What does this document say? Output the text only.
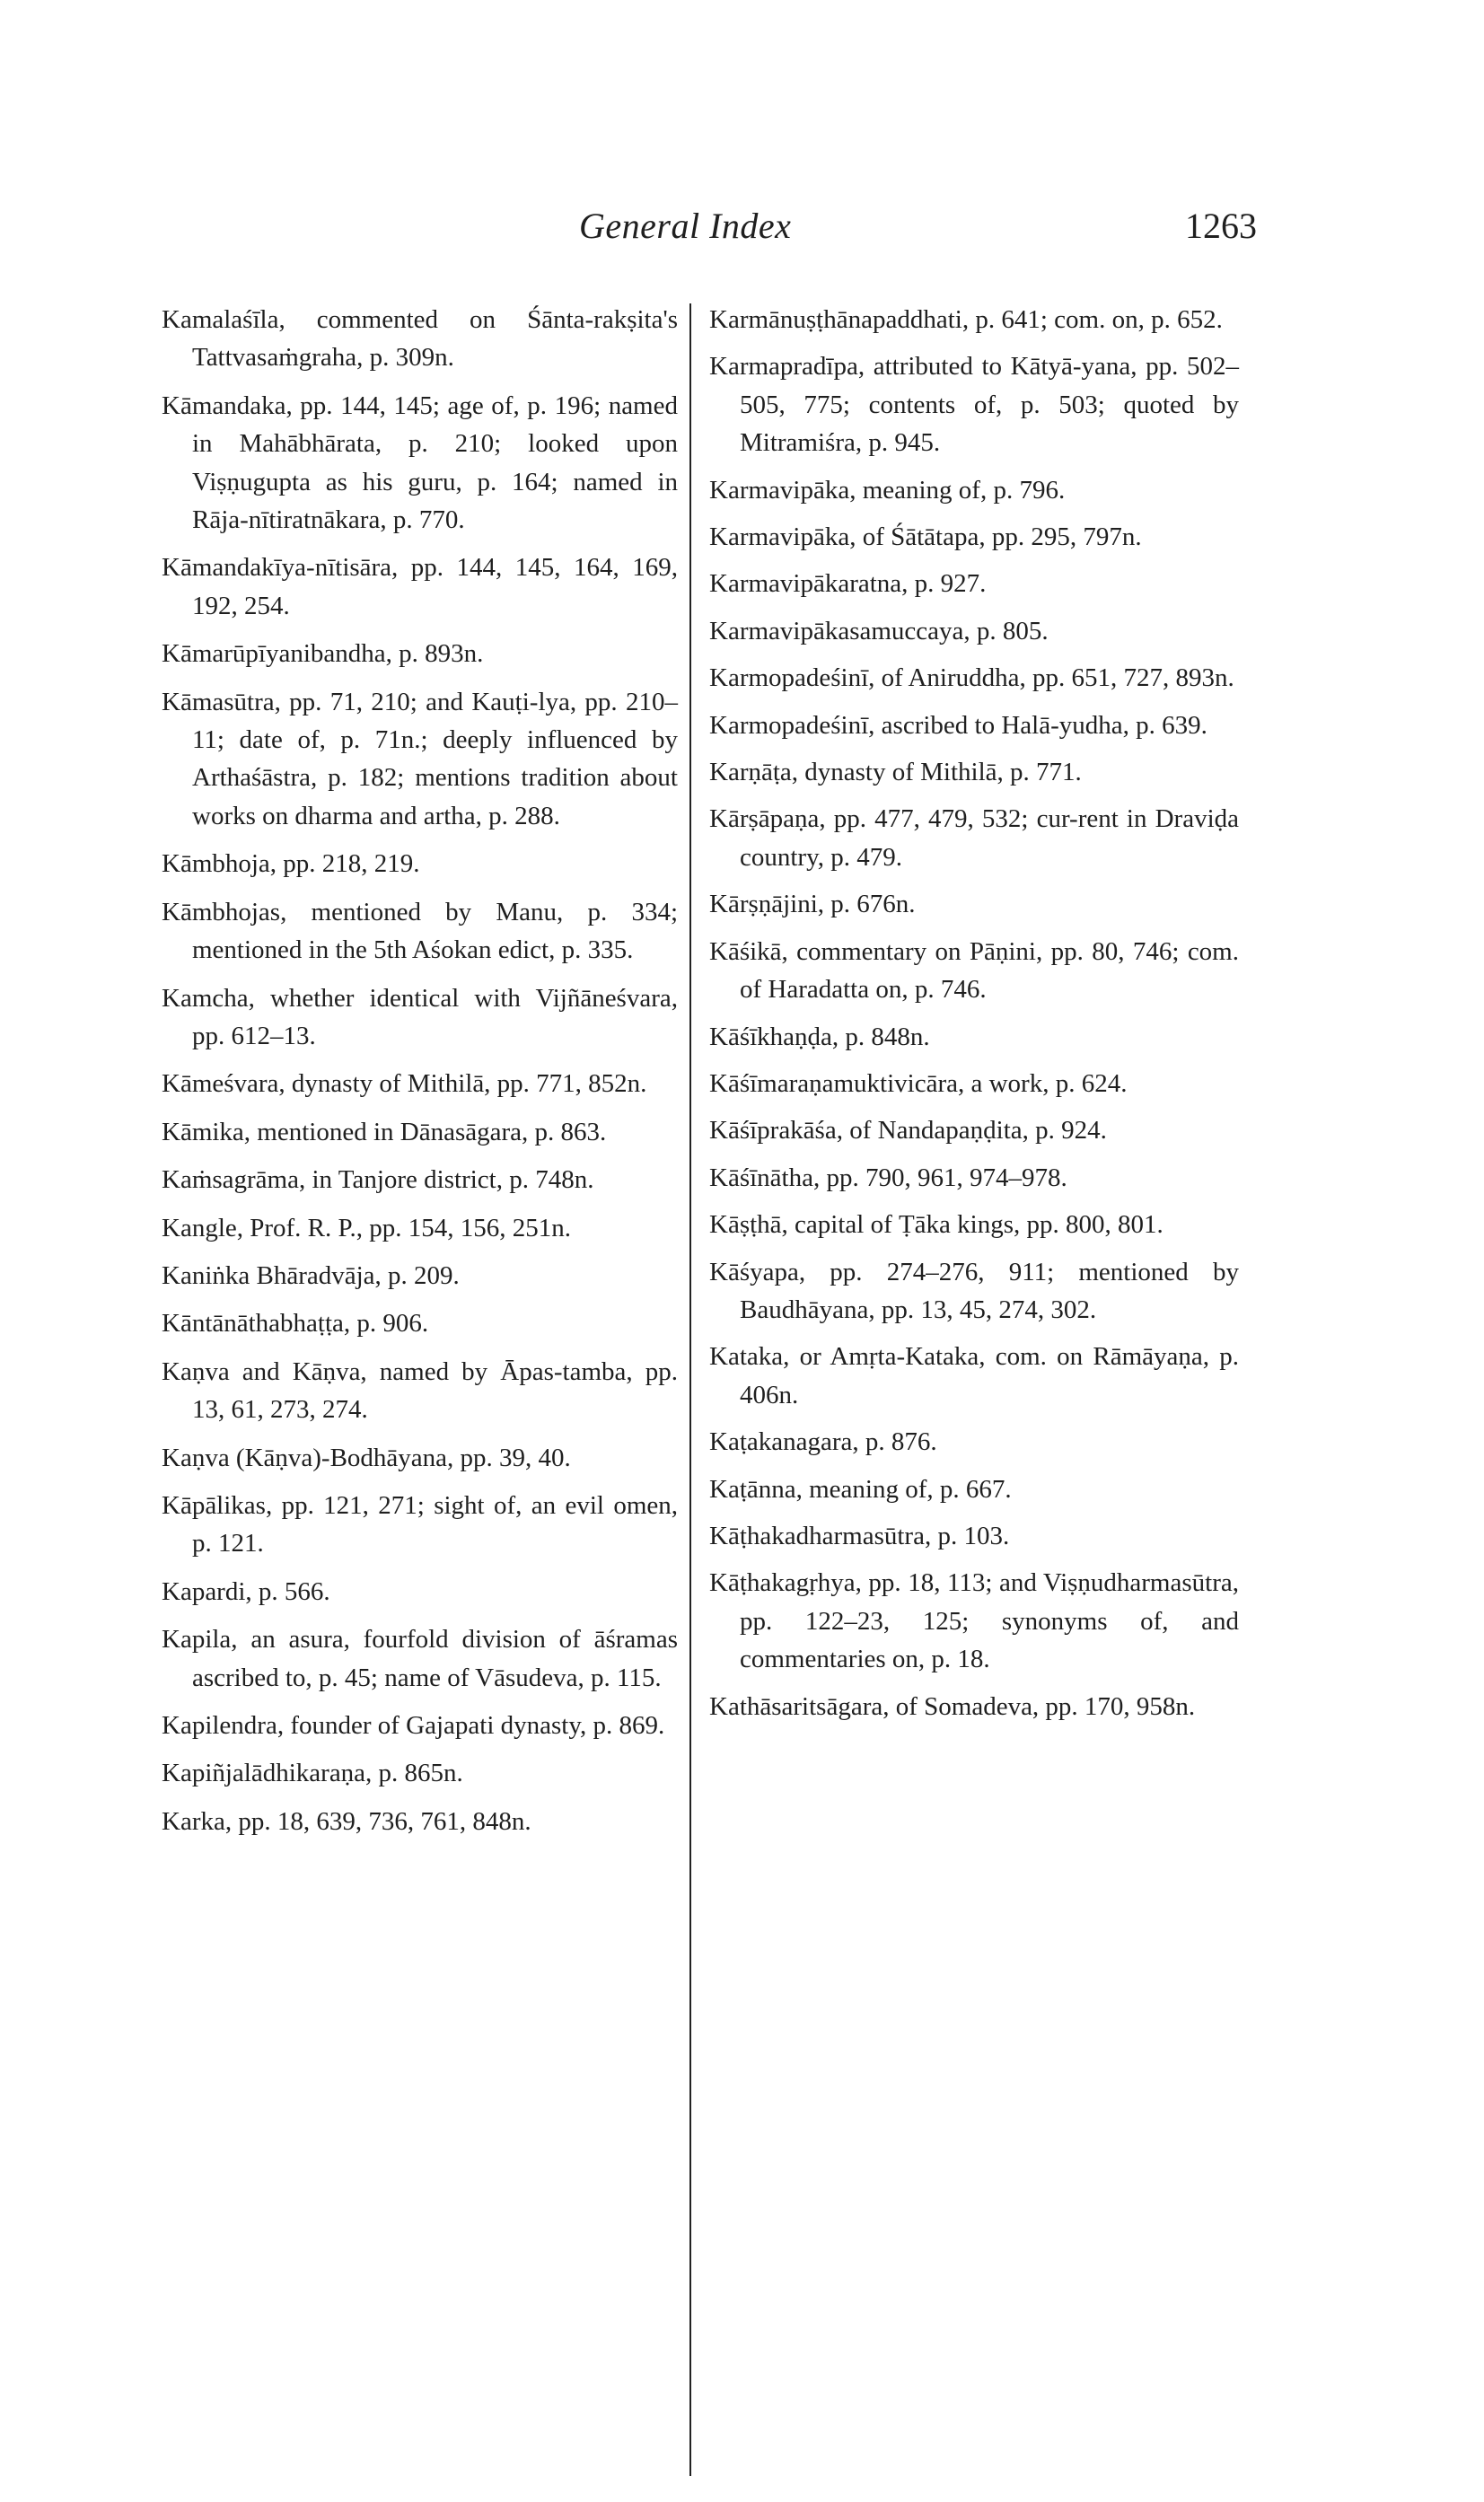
General Index	1263

Kamalaśīla, commented on Śānta-rakṣita's Tattvasaṁgraha, p. 309n.

Kāmandaka, pp. 144, 145; age of, p. 196; named in Mahābhārata, p. 210; looked upon Viṣṇugupta as his guru, p. 164; named in Rāja-nītiratnākara, p. 770.

Kāmandakīya-nītisāra, pp. 144, 145, 164, 169, 192, 254.

Kāmarūpīyanibandha, p. 893n.

Kāmasūtra, pp. 71, 210; and Kauṭi-lya, pp. 210–11; date of, p. 71n.; deeply influenced by Arthaśāstra, p. 182; mentions tradition about works on dharma and artha, p. 288.

Kāmbhoja, pp. 218, 219.

Kāmbhojas, mentioned by Manu, p. 334; mentioned in the 5th Aśokan edict, p. 335.

Kamcha, whether identical with Vijñāneśvara, pp. 612–13.

Kāmeśvara, dynasty of Mithilā, pp. 771, 852n.

Kāmika, mentioned in Dānasāgara, p. 863.

Kaṁsagrāma, in Tanjore district, p. 748n.

Kangle, Prof. R. P., pp. 154, 156, 251n.

Kaniṅka Bhāradvāja, p. 209.

Kāntānāthabhaṭṭa, p. 906.

Kaṇva and Kāṇva, named by Āpas-tamba, pp. 13, 61, 273, 274.

Kaṇva (Kāṇva)-Bodhāyana, pp. 39, 40.

Kāpālikas, pp. 121, 271; sight of, an evil omen, p. 121.

Kapardi, p. 566.

Kapila, an asura, fourfold division of āśramas ascribed to, p. 45; name of Vāsudeva, p. 115.

Kapilendra, founder of Gajapati dynasty, p. 869.

Kapiñjalādhikaraṇa, p. 865n.

Karka, pp. 18, 639, 736, 761, 848n.

Karmānuṣṭhānapaddhati, p. 641; com. on, p. 652.

Karmapradīpa, attributed to Kātyā-yana, pp. 502–505, 775; contents of, p. 503; quoted by Mitramiśra, p. 945.

Karmavipāka, meaning of, p. 796.

Karmavipāka, of Śātātapa, pp. 295, 797n.

Karmavipākaratna, p. 927.

Karmavipākasamuccaya, p. 805.

Karmopadeśinī, of Aniruddha, pp. 651, 727, 893n.

Karmopadeśinī, ascribed to Halā-yudha, p. 639.

Karṇāṭa, dynasty of Mithilā, p. 771.

Kārṣāpaṇa, pp. 477, 479, 532; cur-rent in Draviḍa country, p. 479.

Kārṣṇājini, p. 676n.

Kāśikā, commentary on Pāṇini, pp. 80, 746; com. of Haradatta on, p. 746.

Kāśīkhaṇḍa, p. 848n.

Kāśīmaraṇamuktivicāra, a work, p. 624.

Kāśīprakāśa, of Nandapaṇḍita, p. 924.

Kāśīnātha, pp. 790, 961, 974–978.

Kāṣṭhā, capital of Ṭāka kings, pp. 800, 801.

Kāśyapa, pp. 274–276, 911; mentioned by Baudhāyana, pp. 13, 45, 274, 302.

Kataka, or Amṛta-Kataka, com. on Rāmāyaṇa, p. 406n.

Kaṭakanagara, p. 876.

Kaṭānna, meaning of, p. 667.

Kāṭhakadharmasūtra, p. 103.

Kāṭhakagṛhya, pp. 18, 113; and Viṣṇudharmasūtra, pp. 122–23, 125; synonyms of, and commentaries on, p. 18.

Kathāsaritsāgara, of Somadeva, pp. 170, 958n.
